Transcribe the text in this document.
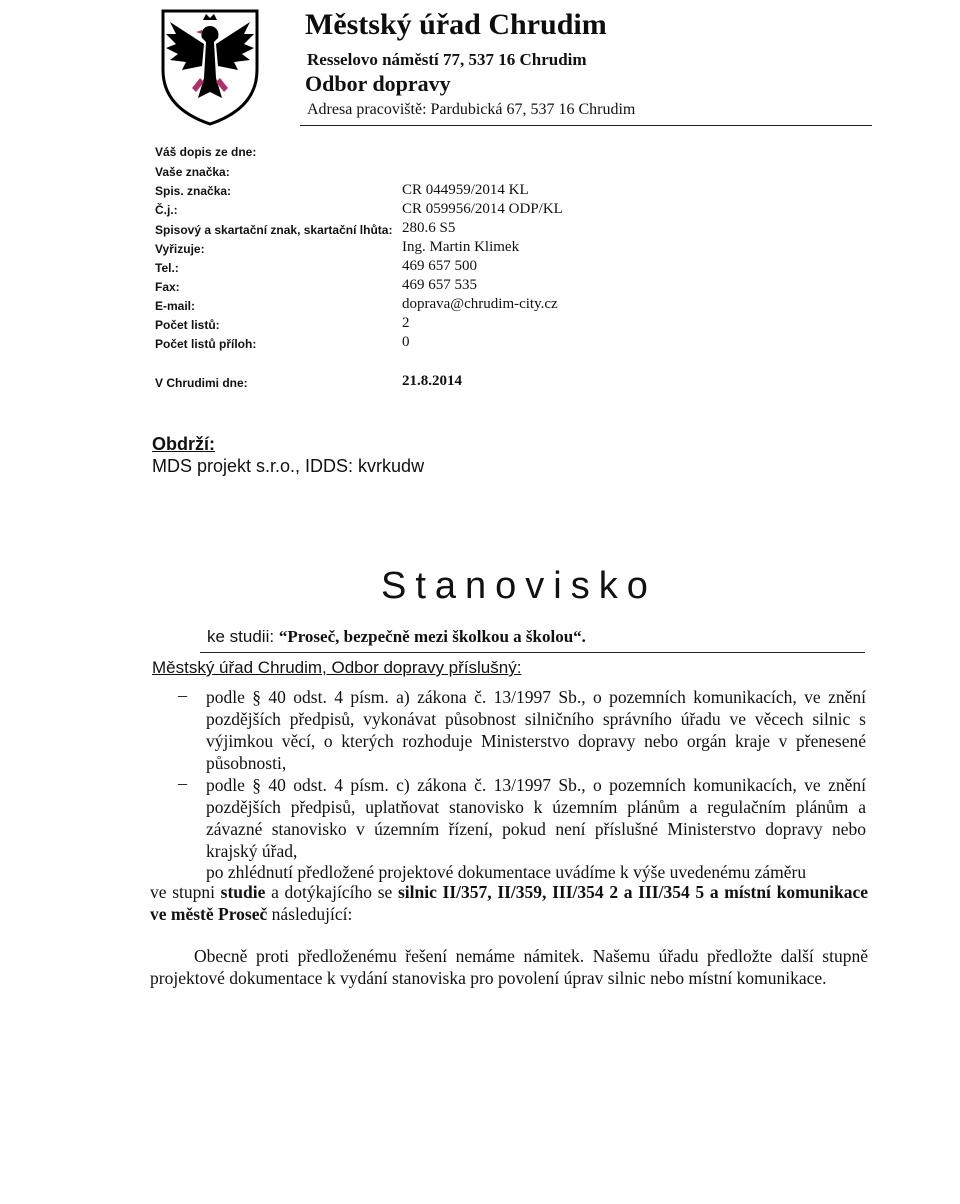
Městský úřad Chrudim
Resselovo náměstí 77, 537 16 Chrudim
Odbor dopravy
Adresa pracoviště: Pardubická 67, 537 16 Chrudim
Váš dopis ze dne:
Vaše značka:
Spis. značka:	CR 044959/2014 KL
Č.j.:	CR 059956/2014 ODP/KL
Spisový a skartační znak, skartační lhůta: 280.6 S5
Vyřizuje:	Ing. Martin Klimek
Tel.:	469 657 500
Fax:	469 657 535
E-mail:	doprava@chrudim-city.cz
Počet listů:	2
Počet listů příloh:	0
V Chrudimi dne:	21.8.2014
Obdrží:
MDS projekt s.r.o., IDDS: kvrkudw
Stanovisko
ke studii: “Proseč, bezpečně mezi školkou a školou“.
Městský úřad Chrudim, Odbor dopravy příslušný:
– podle § 40 odst. 4 písm. a) zákona č. 13/1997 Sb., o pozemních komunikacích, ve znění pozdějších předpisů, vykonávat působnost silničního správního úřadu ve věcech silnic s výjimkou věcí, o kterých rozhoduje Ministerstvo dopravy nebo orgán kraje v přenesené působnosti,
– podle § 40 odst. 4 písm. c) zákona č. 13/1997 Sb., o pozemních komunikacích, ve znění pozdějších předpisů, uplatňovat stanovisko k územním plánům a regulačním plánům a závazné stanovisko v územním řízení, pokud není příslušné Ministerstvo dopravy nebo krajský úřad,
po zhlédnutí předložené projektové dokumentace uvádíme k výše uvedenému záměru
ve stupni studie a dotýkajícího se silnic II/357, II/359, III/354 2 a III/354 5 a místní komunikace ve městě Proseč následující:
Obecně proti předloženému řešení nemáme námitek. Našemu úřadu předložte další stupně projektové dokumentace k vydání stanoviska pro povolení úprav silnic nebo místní komunikace.
